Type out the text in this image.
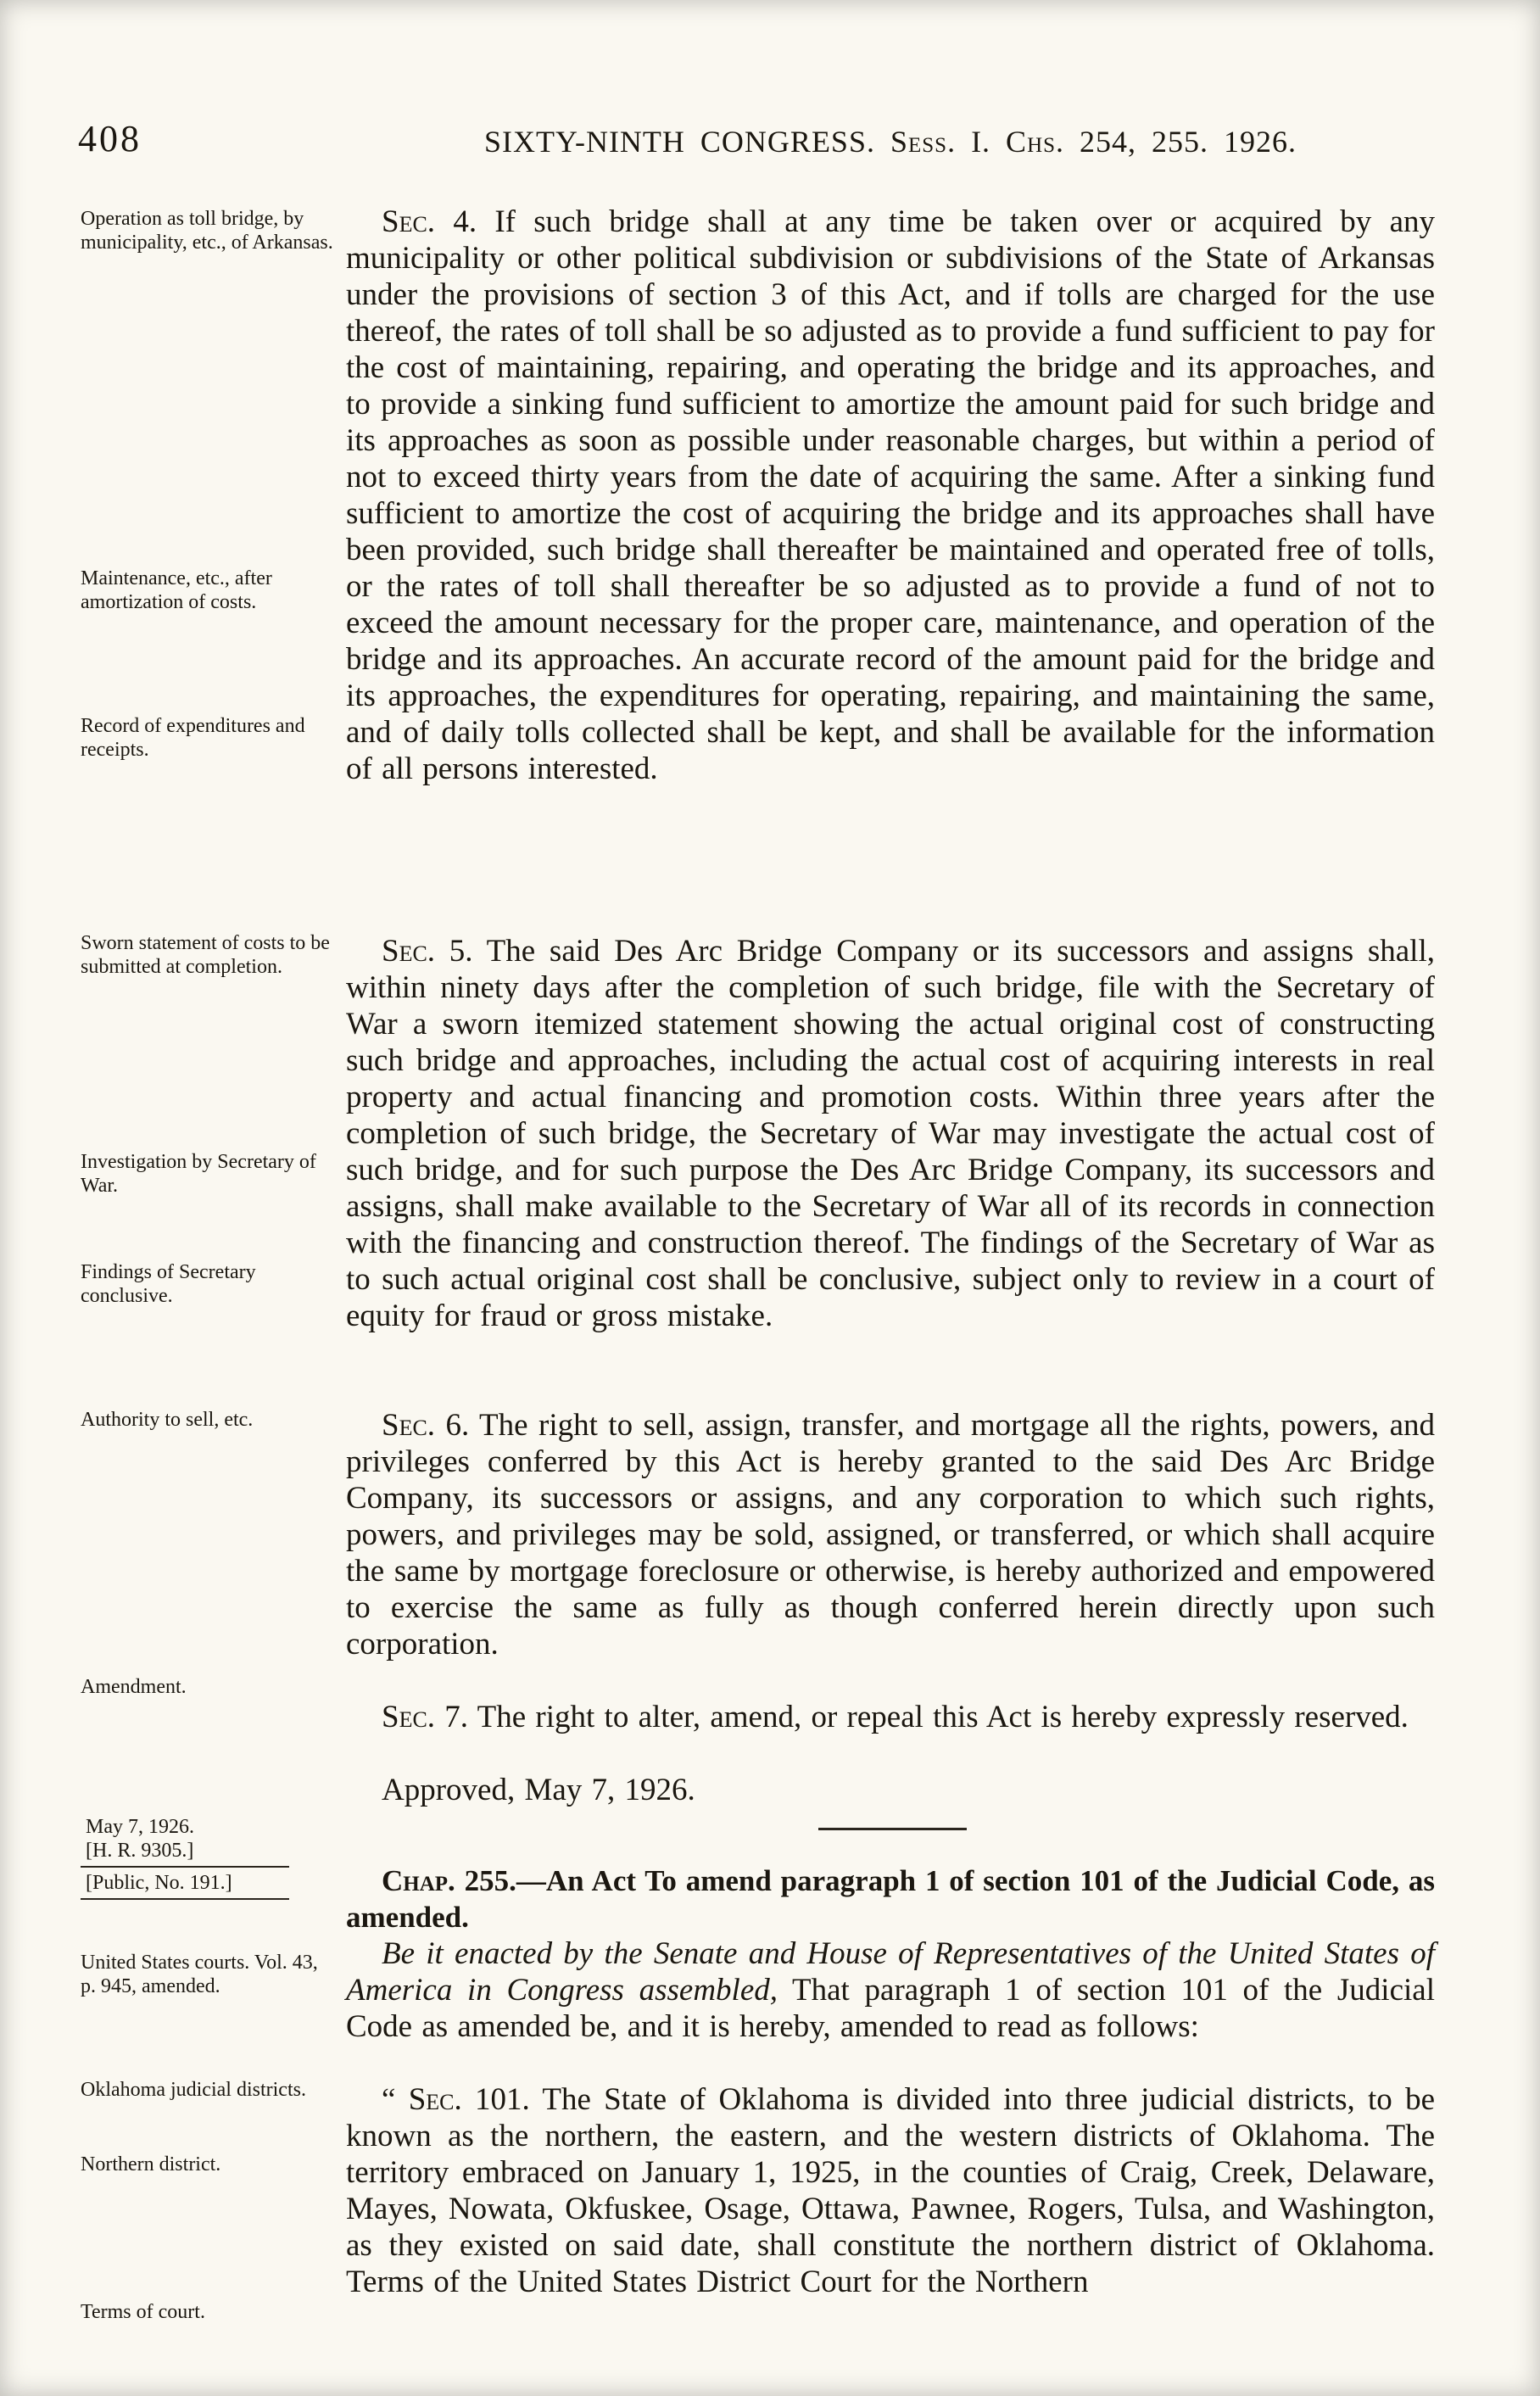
408	SIXTY-NINTH CONGRESS. Sess. I. Chs. 254, 255. 1926.
Operation as toll bridge, by municipality, etc., of Arkansas.
Maintenance, etc., after amortization of costs.
Record of expenditures and receipts.
Sworn statement of costs to be submitted at completion.
Investigation by Secretary of War.
Findings of Secretary conclusive.
Authority to sell, etc.
Amendment.

Sec. 4. If such bridge shall at any time be taken over or acquired by any municipality or other political subdivision or subdivisions of the State of Arkansas under the provisions of section 3 of this Act, and if tolls are charged for the use thereof, the rates of toll shall be so adjusted as to provide a fund sufficient to pay for the cost of maintaining, repairing, and operating the bridge and its approaches, and to provide a sinking fund sufficient to amortize the amount paid for such bridge and its approaches as soon as possible under reasonable charges, but within a period of not to exceed thirty years from the date of acquiring the same. After a sinking fund sufficient to amortize the cost of acquiring the bridge and its approaches shall have been provided, such bridge shall thereafter be maintained and operated free of tolls, or the rates of toll shall thereafter be so adjusted as to provide a fund of not to exceed the amount necessary for the proper care, maintenance, and operation of the bridge and its approaches. An accurate record of the amount paid for the bridge and its approaches, the expenditures for operating, repairing, and maintaining the same, and of daily tolls collected shall be kept, and shall be available for the information of all persons interested.

Sec. 5. The said Des Arc Bridge Company or its successors and assigns shall, within ninety days after the completion of such bridge, file with the Secretary of War a sworn itemized statement showing the actual original cost of constructing such bridge and approaches, including the actual cost of acquiring interests in real property and actual financing and promotion costs. Within three years after the completion of such bridge, the Secretary of War may investigate the actual cost of such bridge, and for such purpose the Des Arc Bridge Company, its successors and assigns, shall make available to the Secretary of War all of its records in connection with the financing and construction thereof. The findings of the Secretary of War as to such actual original cost shall be conclusive, subject only to review in a court of equity for fraud or gross mistake.

Sec. 6. The right to sell, assign, transfer, and mortgage all the rights, powers, and privileges conferred by this Act is hereby granted to the said Des Arc Bridge Company, its successors or assigns, and any corporation to which such rights, powers, and privileges may be sold, assigned, or transferred, or which shall acquire the same by mortgage foreclosure or otherwise, is hereby authorized and empowered to exercise the same as fully as though conferred herein directly upon such corporation.

Sec. 7. The right to alter, amend, or repeal this Act is hereby expressly reserved.

Approved, May 7, 1926.

May 7, 1926.
[H. R. 9305.]
[Public, No. 191.]
United States courts. Vol. 43, p. 945, amended.
Oklahoma judicial districts.
Northern district.
Terms of court.

Chap. 255.—An Act To amend paragraph 1 of section 101 of the Judicial Code, as amended.

Be it enacted by the Senate and House of Representatives of the United States of America in Congress assembled, That paragraph 1 of section 101 of the Judicial Code as amended be, and it is hereby, amended to read as follows:

“ Sec. 101. The State of Oklahoma is divided into three judicial districts, to be known as the northern, the eastern, and the western districts of Oklahoma. The territory embraced on January 1, 1925, in the counties of Craig, Creek, Delaware, Mayes, Nowata, Okfuskee, Osage, Ottawa, Pawnee, Rogers, Tulsa, and Washington, as they existed on said date, shall constitute the northern district of Oklahoma. Terms of the United States District Court for the Northern
